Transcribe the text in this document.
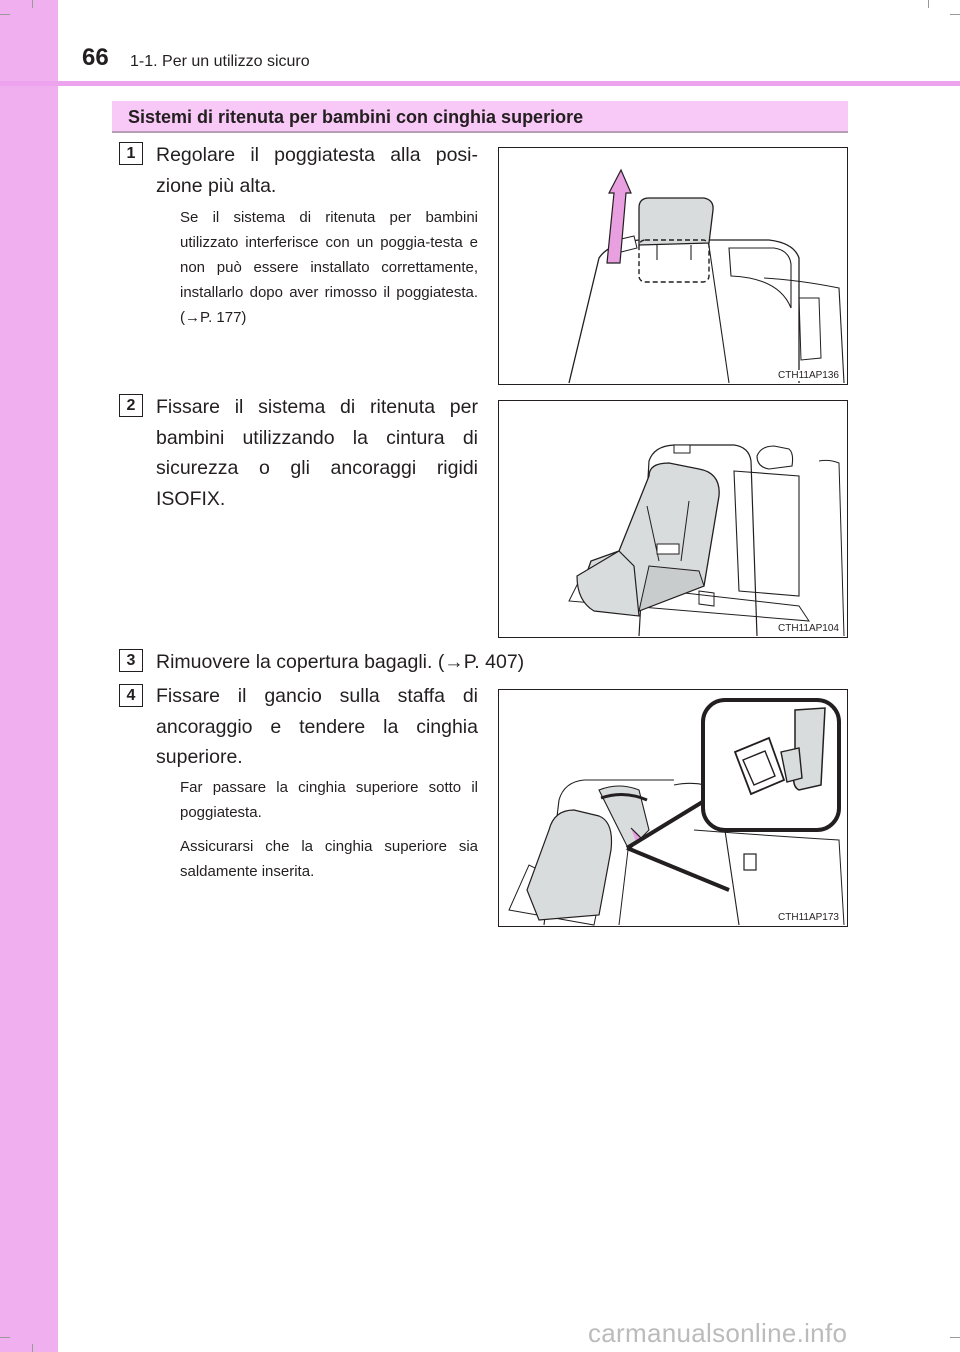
66 1-1. Per un utilizzo sicuro
Sistemi di ritenuta per bambini con cinghia superiore
1	Regolare il poggiatesta alla posi-zione più alta.
Se il sistema di ritenuta per bambini utilizzato interferisce con un poggia-testa e non può essere installato correttamente, installarlo dopo aver rimosso il poggiatesta. (→P. 177)
CTH11AP136
2	Fissare il sistema di ritenuta per bambini utilizzando la cintura di sicurezza o gli ancoraggi rigidi ISOFIX.
CTH11AP104
3	Rimuovere la copertura bagagli. (→P. 407)
4	Fissare il gancio sulla staffa di ancoraggio e tendere la cinghia superiore.
Far passare la cinghia superiore sotto il poggiatesta.
Assicurarsi che la cinghia superiore sia saldamente inserita.
CTH11AP173
carmanualsonline.info
